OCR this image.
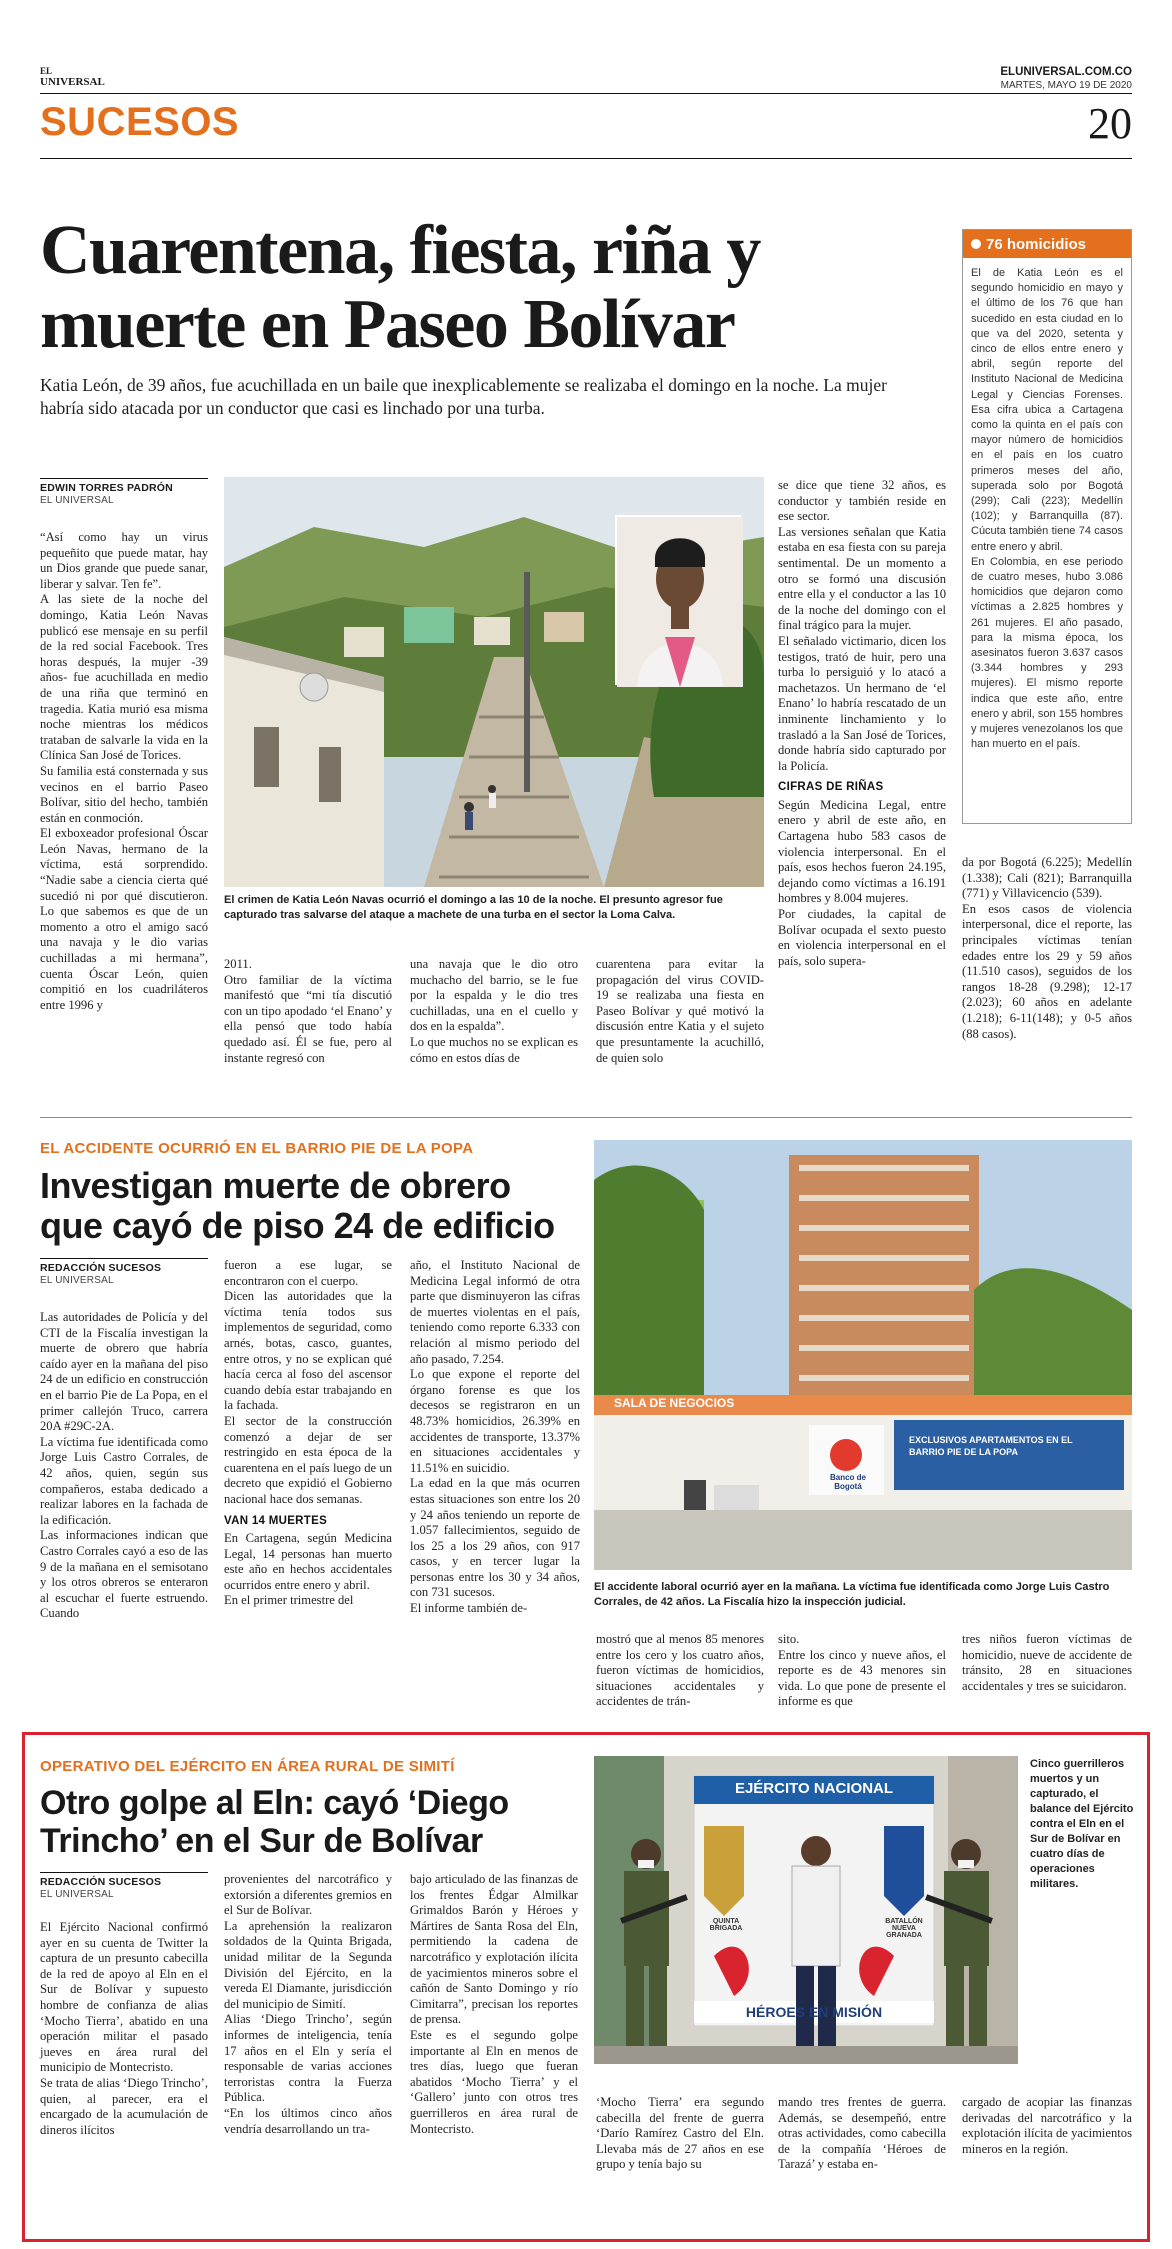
EL
UNIVERSAL
ELUNIVERSAL.COM.CO
MARTES, MAYO 19 DE 2020
SUCESOS	20
Cuarentena, fiesta, riña y
muerte en Paseo Bolívar
Katia León, de 39 años, fue acuchillada en un baile que inexplicablemente se realizaba el domingo en la noche. La mujer habría sido atacada por un conductor que casi es linchado por una turba.
EDWIN TORRES PADRÓN
EL UNIVERSAL
“Así como hay un virus pequeñito que puede matar, hay un Dios grande que puede sanar, liberar y salvar. Ten fe”.
A las siete de la noche del domingo, Katia León Navas publicó ese mensaje en su perfil de la red social Facebook. Tres horas después, la mujer -39 años- fue acuchillada en medio de una riña que terminó en tragedia. Katia murió esa misma noche mientras los médicos trataban de salvarle la vida en la Clínica San José de Torices.
Su familia está consternada y sus vecinos en el barrio Paseo Bolívar, sitio del hecho, también están en conmoción.
El exboxeador profesional Óscar León Navas, hermano de la víctima, está sorprendido. “Nadie sabe a ciencia cierta qué sucedió ni por qué discutieron. Lo que sabemos es que de un momento a otro el amigo sacó una navaja y le dio varias cuchilladas a mi hermana”, cuenta Óscar León, quien compitió en los cuadriláteros entre 1996 y
El crimen de Katia León Navas ocurrió el domingo a las 10 de la noche. El presunto agresor fue capturado tras salvarse del ataque a machete de una turba en el sector la Loma Calva.
2011.
Otro familiar de la víctima manifestó que “mi tía discutió con un tipo apodado ‘el Enano’ y ella pensó que todo había quedado así. Él se fue, pero al instante regresó con
una navaja que le dio otro muchacho del barrio, se le fue por la espalda y le dio tres cuchilladas, una en el cuello y dos en la espalda”.
Lo que muchos no se explican es cómo en estos días de
cuarentena para evitar la propagación del virus COVID-19 se realizaba una fiesta en Paseo Bolívar y qué motivó la discusión entre Katia y el sujeto que presuntamente la acuchilló, de quien solo
se dice que tiene 32 años, es conductor y también reside en ese sector.
Las versiones señalan que Katia estaba en esa fiesta con su pareja sentimental. De un momento a otro se formó una discusión entre ella y el conductor a las 10 de la noche del domingo con el final trágico para la mujer.
El señalado victimario, dicen los testigos, trató de huir, pero una turba lo persiguió y lo atacó a machetazos. Un hermano de ‘el Enano’ lo habría rescatado de un inminente linchamiento y lo trasladó a la San José de Torices, donde habría sido capturado por la Policía.
CIFRAS DE RIÑAS
Según Medicina Legal, entre enero y abril de este año, en Cartagena hubo 583 casos de violencia interpersonal. En el país, esos hechos fueron 24.195, dejando como víctimas a 16.191 hombres y 8.004 mujeres.
Por ciudades, la capital de Bolívar ocupada el sexto puesto en violencia interpersonal en el país, solo supera-
da por Bogotá (6.225); Medellín (1.338); Cali (821); Barranquilla (771) y Villavicencio (539).
En esos casos de violencia interpersonal, dice el reporte, las principales víctimas tenían edades entre los 29 y 59 años (11.510 casos), seguidos de los rangos 18-28 (9.298); 12-17 (2.023); 60 años en adelante (1.218); 6-11(148); y 0-5 años (88 casos).
76 homicidios
El de Katia León es el segundo homicidio en mayo y el último de los 76 que han sucedido en esta ciudad en lo que va del 2020, setenta y cinco de ellos entre enero y abril, según reporte del Instituto Nacional de Medicina Legal y Ciencias Forenses. Esa cifra ubica a Cartagena como la quinta en el país con mayor número de homicidios en el país en los cuatro primeros meses del año, superada solo por Bogotá (299); Cali (223); Medellín (102); y Barranquilla (87). Cúcuta también tiene 74 casos entre enero y abril.
En Colombia, en ese periodo de cuatro meses, hubo 3.086 homicidios que dejaron como víctimas a 2.825 hombres y 261 mujeres. El año pasado, para la misma época, los asesinatos fueron 3.637 casos (3.344 hombres y 293 mujeres). El mismo reporte indica que este año, entre enero y abril, son 155 hombres y mujeres venezolanos los que han muerto en el país.
EL ACCIDENTE OCURRIÓ EN EL BARRIO PIE DE LA POPA
Investigan muerte de obrero
que cayó de piso 24 de edificio
REDACCIÓN SUCESOS
EL UNIVERSAL
Las autoridades de Policía y del CTI de la Fiscalía investigan la muerte de obrero que habría caído ayer en la mañana del piso 24 de un edificio en construcción en el barrio Pie de La Popa, en el primer callejón Truco, carrera 20A #29C-2A.
La víctima fue identificada como Jorge Luis Castro Corrales, de 42 años, quien, según sus compañeros, estaba dedicado a realizar labores en la fachada de la edificación.
Las informaciones indican que Castro Corrales cayó a eso de las 9 de la mañana en el semisotano y los otros obreros se enteraron al escuchar el fuerte estruendo. Cuando
fueron a ese lugar, se encontraron con el cuerpo.
Dicen las autoridades que la víctima tenía todos sus implementos de seguridad, como arnés, botas, casco, guantes, entre otros, y no se explican qué hacía cerca al foso del ascensor cuando debía estar trabajando en la fachada.
El sector de la construcción comenzó a dejar de ser restringido en esta época de la cuarentena en el país luego de un decreto que expidió el Gobierno nacional hace dos semanas.
VAN 14 MUERTES
En Cartagena, según Medicina Legal, 14 personas han muerto este año en hechos accidentales ocurridos entre enero y abril.
En el primer trimestre del
año, el Instituto Nacional de Medicina Legal informó de otra parte que disminuyeron las cifras de muertes violentas en el país, teniendo como reporte 6.333 con relación al mismo periodo del año pasado, 7.254.
Lo que expone el reporte del órgano forense es que los decesos se registraron en un 48.73% homicidios, 26.39% en accidentes de transporte, 13.37% en situaciones accidentales y 11.51% en suicidio.
La edad en la que más ocurren estas situaciones son entre los 20 y 24 años teniendo un reporte de 1.057 fallecimientos, seguido de los 25 a los 29 años, con 917 casos, y en tercer lugar la personas entre los 30 y 34 años, con 731 sucesos.
El informe también de-
SALA DE NEGOCIOS
Banco de Bogotá
EXCLUSIVOS APARTAMENTOS EN EL BARRIO PIE DE LA POPA
El accidente laboral ocurrió ayer en la mañana. La víctima fue identificada como Jorge Luis Castro Corrales, de 42 años. La Fiscalía hizo la inspección judicial.
mostró que al menos 85 menores entre los cero y los cuatro años, fueron víctimas de homicidios, situaciones accidentales y accidentes de trán-
sito.
Entre los cinco y nueve años, el reporte es de 43 menores sin vida. Lo que pone de presente el informe es que
tres niños fueron víctimas de homicidio, nueve de accidente de tránsito, 28 en situaciones accidentales y tres se suicidaron.
OPERATIVO DEL EJÉRCITO EN ÁREA RURAL DE SIMITÍ
Otro golpe al Eln: cayó ‘Diego
Trincho’ en el Sur de Bolívar
REDACCIÓN SUCESOS
EL UNIVERSAL
El Ejército Nacional confirmó ayer en su cuenta de Twitter la captura de un presunto cabecilla de la red de apoyo al Eln en el Sur de Bolívar y supuesto hombre de confianza de alias ‘Mocho Tierra’, abatido en una operación militar el pasado jueves en área rural del municipio de Montecristo.
Se trata de alias ‘Diego Trincho’, quien, al parecer, era el encargado de la acumulación de dineros ilícitos
provenientes del narcotráfico y extorsión a diferentes gremios en el Sur de Bolívar.
La aprehensión la realizaron soldados de la Quinta Brigada, unidad militar de la Segunda División del Ejército, en la vereda El Diamante, jurisdicción del municipio de Simití.
Alias ‘Diego Trincho’, según informes de inteligencia, tenía 17 años en el Eln y sería el responsable de varias acciones terroristas contra la Fuerza Pública.
“En los últimos cinco años vendría desarrollando un tra-
bajo articulado de las finanzas de los frentes Édgar Almilkar Grimaldos Barón y Héroes y Mártires de Santa Rosa del Eln, permitiendo la cadena de narcotráfico y explotación ilícita de yacimientos mineros sobre el cañón de Santo Domingo y río Cimitarra”, precisan los reportes de prensa.
Este es el segundo golpe importante al Eln en menos de tres días, luego que fueran abatidos ‘Mocho Tierra’ y el ‘Gallero’ junto con otros tres guerrilleros en área rural de Montecristo.
EJÉRCITO NACIONAL
HÉROES EN MISIÓN
QUINTA BRIGADA
BATALLÓN NUEVA GRANADA
Cinco guerrilleros muertos y un capturado, el balance del Ejército contra el Eln en el Sur de Bolívar en cuatro días de operaciones militares.
‘Mocho Tierra’ era segundo cabecilla del frente de guerra ‘Darío Ramírez Castro del Eln. Llevaba más de 27 años en ese grupo y tenía bajo su
mando tres frentes de guerra. Además, se desempeñó, entre otras actividades, como cabecilla de la compañía ‘Héroes de Tarazá’ y estaba en-
cargado de acopiar las finanzas derivadas del narcotráfico y la explotación ilícita de yacimientos mineros en la región.
